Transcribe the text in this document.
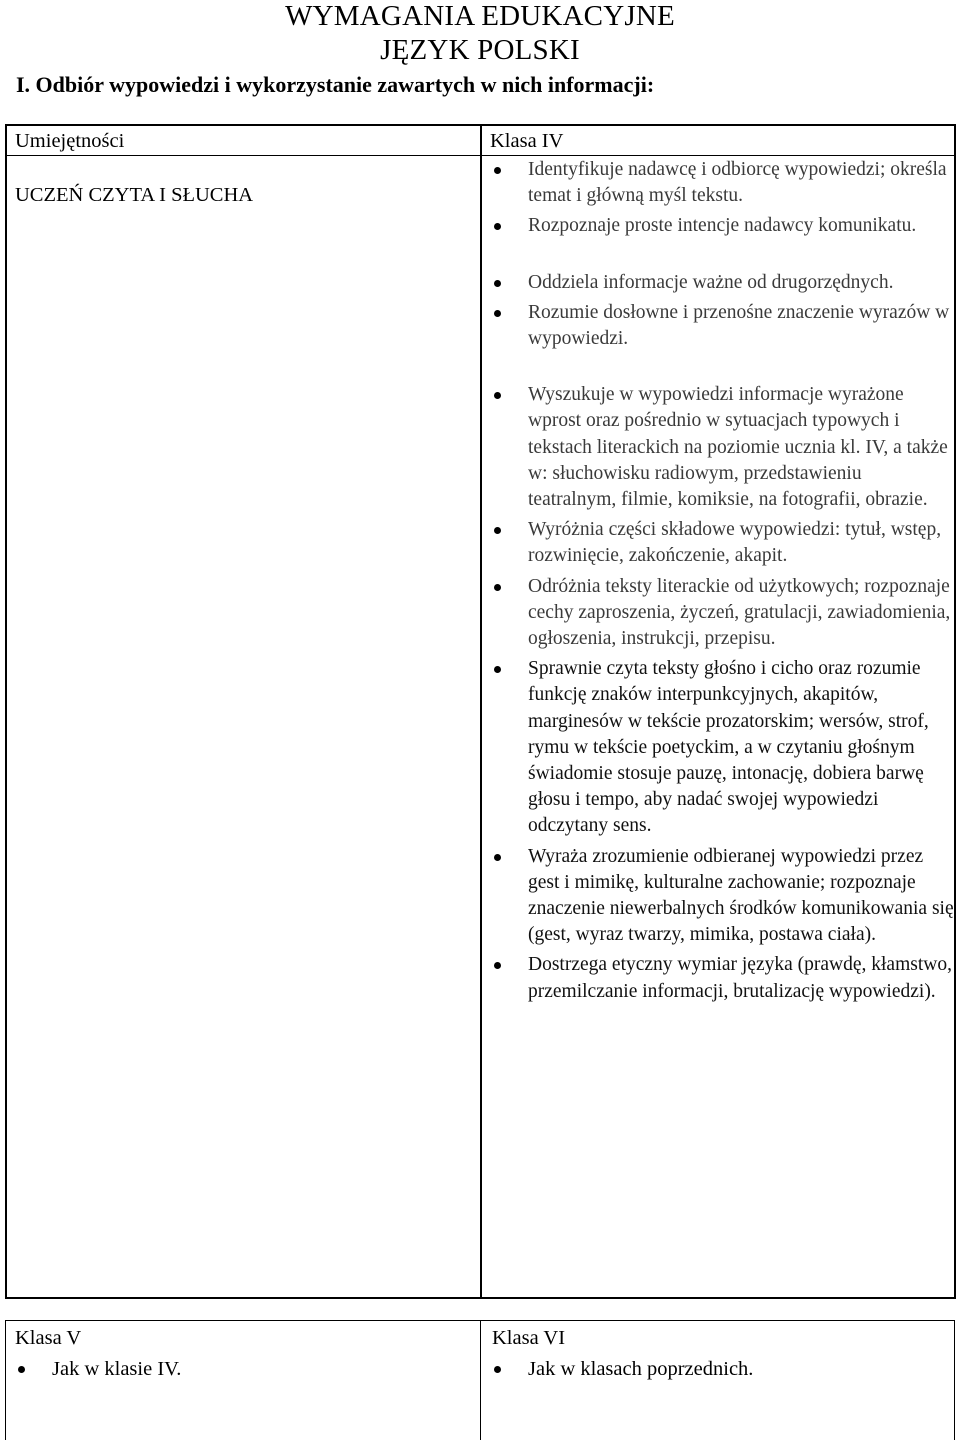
WYMAGANIA EDUKACYJNE
JĘZYK POLSKI
I. Odbiór wypowiedzi i wykorzystanie zawartych w nich informacji:
Umiejętności
UCZEŃ CZYTA I SŁUCHA
Klasa IV
Identyfikuje nadawcę i odbiorcę wypowiedzi; określa temat i główną myśl tekstu.
Rozpoznaje proste intencje nadawcy komunikatu.
Oddziela informacje ważne od drugorzędnych.
Rozumie dosłowne i przenośne znaczenie wyrazów w wypowiedzi.
Wyszukuje w wypowiedzi informacje wyrażone wprost oraz pośrednio w sytuacjach typowych i tekstach literackich na poziomie ucznia kl. IV, a także w: słuchowisku radiowym, przedstawieniu teatralnym, filmie, komiksie, na fotografii, obrazie.
Wyróżnia części składowe wypowiedzi: tytuł, wstęp, rozwinięcie, zakończenie, akapit.
Odróżnia teksty literackie od użytkowych; rozpoznaje cechy zaproszenia, życzeń, gratulacji, zawiadomienia, ogłoszenia, instrukcji, przepisu.
Sprawnie czyta teksty głośno i cicho oraz rozumie funkcję znaków interpunkcyjnych, akapitów, marginesów w tekście prozatorskim; wersów, strof, rymu w tekście poetyckim, a w czytaniu głośnym świadomie stosuje pauzę, intonację, dobiera barwę głosu i tempo, aby nadać swojej wypowiedzi odczytany sens.
Wyraża zrozumienie odbieranej wypowiedzi przez gest i mimikę, kulturalne zachowanie; rozpoznaje znaczenie niewerbalnych środków komunikowania się (gest, wyraz twarzy, mimika, postawa ciała).
Dostrzega etyczny wymiar języka (prawdę, kłamstwo, przemilczanie informacji, brutalizację wypowiedzi).
Klasa V
Jak w klasie IV.
Klasa VI
Jak w klasach poprzednich.
